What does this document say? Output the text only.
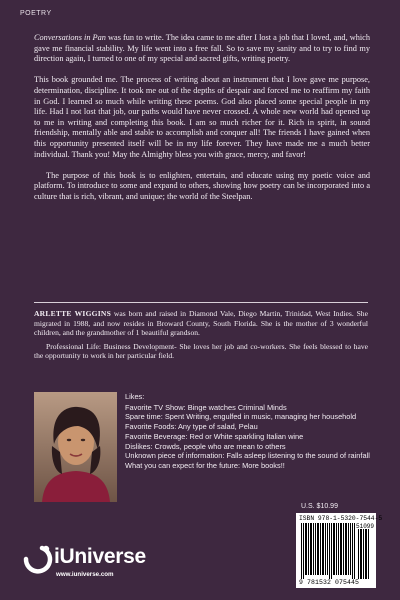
POETRY

Conversations in Pan was fun to write. The idea came to me after I lost a job that I loved, and, which gave me financial stability. My life went into a free fall. So to save my sanity and to try to find my direction again, I turned to one of my special and sacred gifts, writing poetry.

This book grounded me. The process of writing about an instrument that I love gave me purpose, determination, discipline. It took me out of the depths of despair and forced me to reaffirm my faith in God. I learned so much while writing these poems. God also placed some special people in my life. Had I not lost that job, our paths would have never crossed. A whole new world had opened up to me in writing and completing this book. I am so much richer for it. Rich in spirit, in sound friendship, mentally able and stable to accomplish and conquer all! The friends I have gained when this opportunity presented itself will be in my life forever. They have made me a much better individual. Thank you! May the Almighty bless you with grace, mercy, and favor!

The purpose of this book is to enlighten, entertain, and educate using my poetic voice and platform. To introduce to some and expand to others, showing how poetry can be incorporated into a culture that is rich, vibrant, and unique; the world of the Steelpan.

ARLETTE WIGGINS was born and raised in Diamond Vale, Diego Martin, Trinidad, West Indies. She migrated in 1988, and now resides in Broward County, South Florida. She is the mother of 3 wonderful children, and the grandmother of 1 beautiful grandson.

Professional Life: Business Development- She loves her job and co-workers. She feels blessed to have the opportunity to work in her particular field.

Likes:
Favorite TV Show: Binge watches Criminal Minds
Spare time: Spent Writing, engulfed in music, managing her household
Favorite Foods: Any type of salad, Pelau
Favorite Beverage: Red or White sparkling Italian wine
Dislikes: Crowds, people who are mean to others
Unknown piece of information: Falls asleep listening to the sound of rainfall
What you can expect for the future: More books!!
U.S. $10.99
ISBN 978-1-5320-7544-5
51099
9 781532 075445
iUniverse
www.iuniverse.com
